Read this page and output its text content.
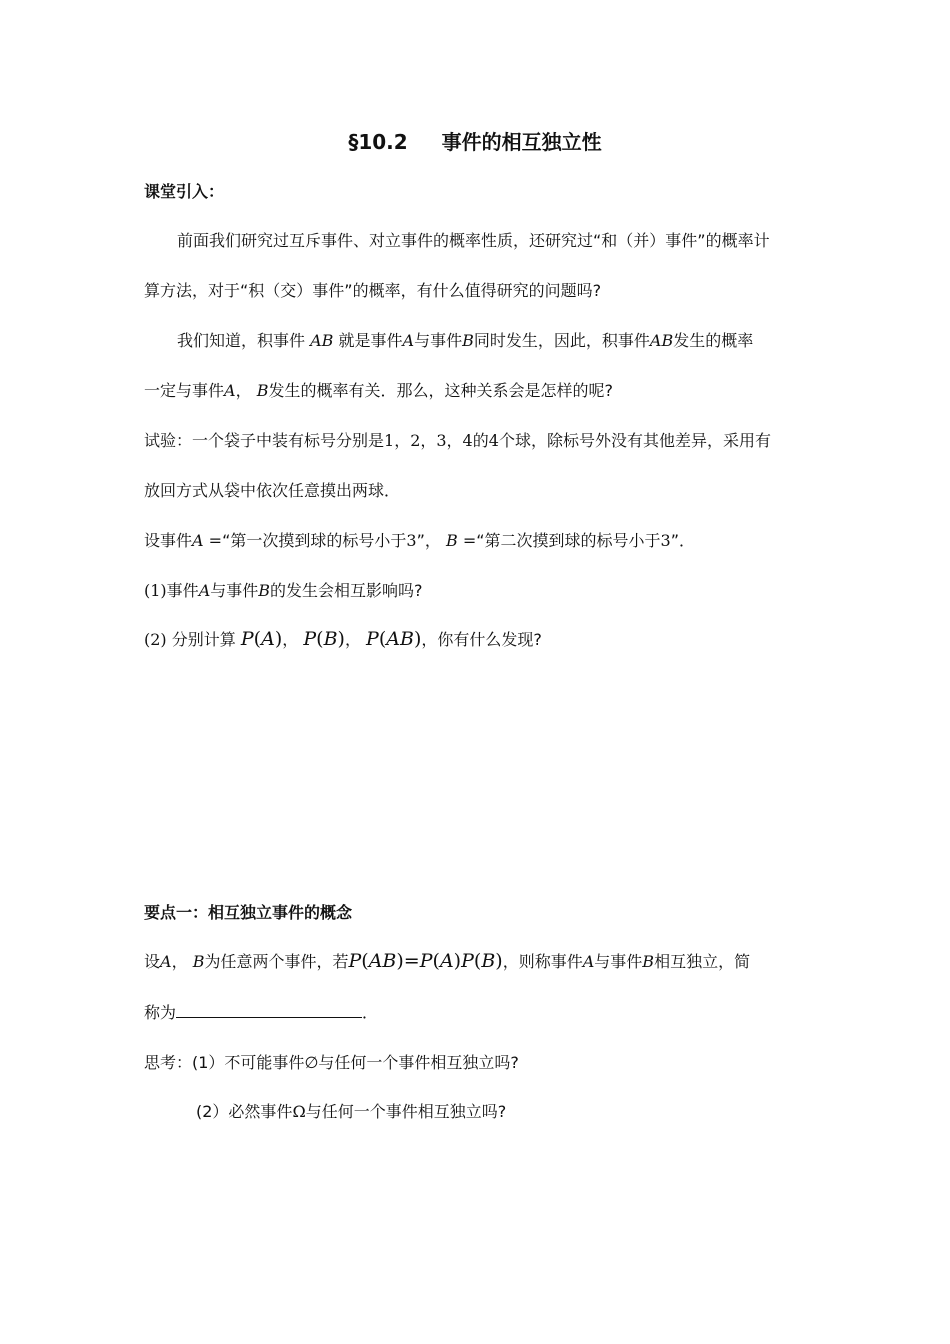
§10.2 事件的相互独立性
课堂引入：
前面我们研究过互斥事件、对立事件的概率性质，还研究过“和（并）事件”的概率计
算方法，对于“积（交）事件”的概率，有什么值得研究的问题吗?
我们知道，积事件 AB 就是事件A与事件B同时发生，因此，积事件AB发生的概率
一定与事件A， B发生的概率有关．那么，这种关系会是怎样的呢?
试验：一个袋子中装有标号分别是1，2，3，4的4个球，除标号外没有其他差异，采用有
放回方式从袋中依次任意摸出两球．
设事件A =“第一次摸到球的标号小于3”， B =“第二次摸到球的标号小于3”．
(1)事件A与事件B的发生会相互影响吗?
(2) 分别计算 P(A)， P(B)， P(AB)，你有什么发现?
要点一：相互独立事件的概念
设A， B为任意两个事件，若P(AB)=P(A)P(B)，则称事件A与事件B相互独立，简
称为	．
思考：(1）不可能事件∅与任何一个事件相互独立吗?
(2）必然事件Ω与任何一个事件相互独立吗?
